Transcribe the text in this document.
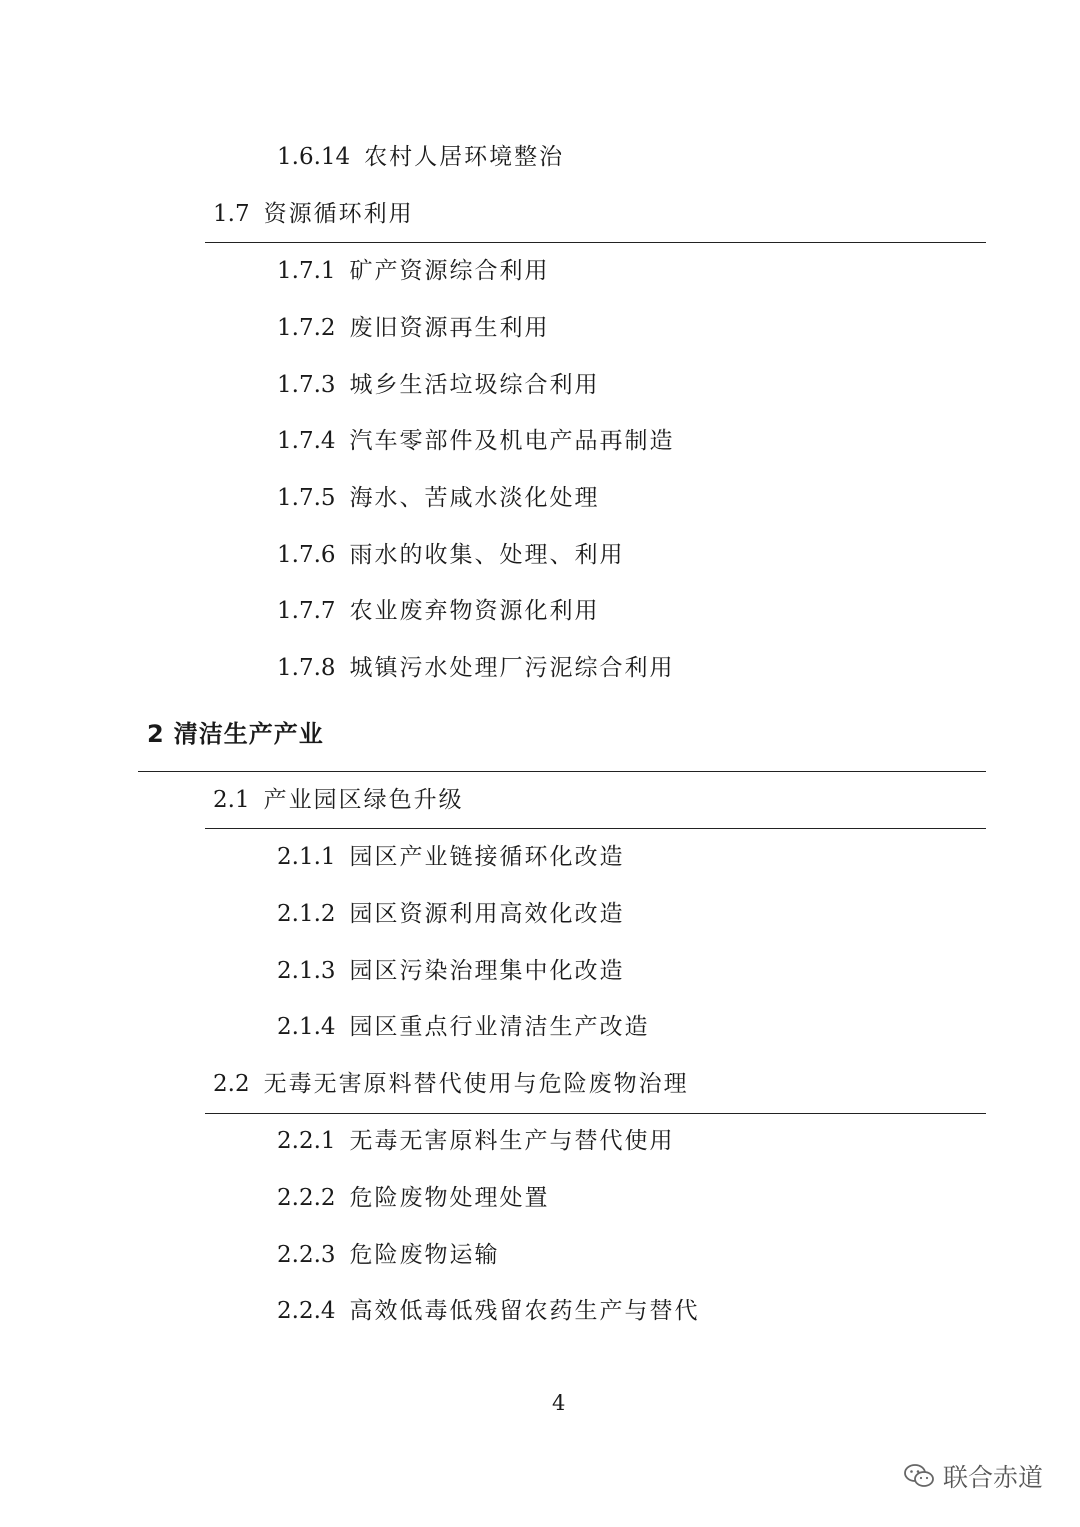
1.6.14 农村人居环境整治
1.7 资源循环利用
1.7.1 矿产资源综合利用
1.7.2 废旧资源再生利用
1.7.3 城乡生活垃圾综合利用
1.7.4 汽车零部件及机电产品再制造
1.7.5 海水、苦咸水淡化处理
1.7.6 雨水的收集、处理、利用
1.7.7 农业废弃物资源化利用
1.7.8 城镇污水处理厂污泥综合利用
2 清洁生产产业
2.1 产业园区绿色升级
2.1.1 园区产业链接循环化改造
2.1.2 园区资源利用高效化改造
2.1.3 园区污染治理集中化改造
2.1.4 园区重点行业清洁生产改造
2.2 无毒无害原料替代使用与危险废物治理
2.2.1 无毒无害原料生产与替代使用
2.2.2 危险废物处理处置
2.2.3 危险废物运输
2.2.4 高效低毒低残留农药生产与替代
4
联合赤道
